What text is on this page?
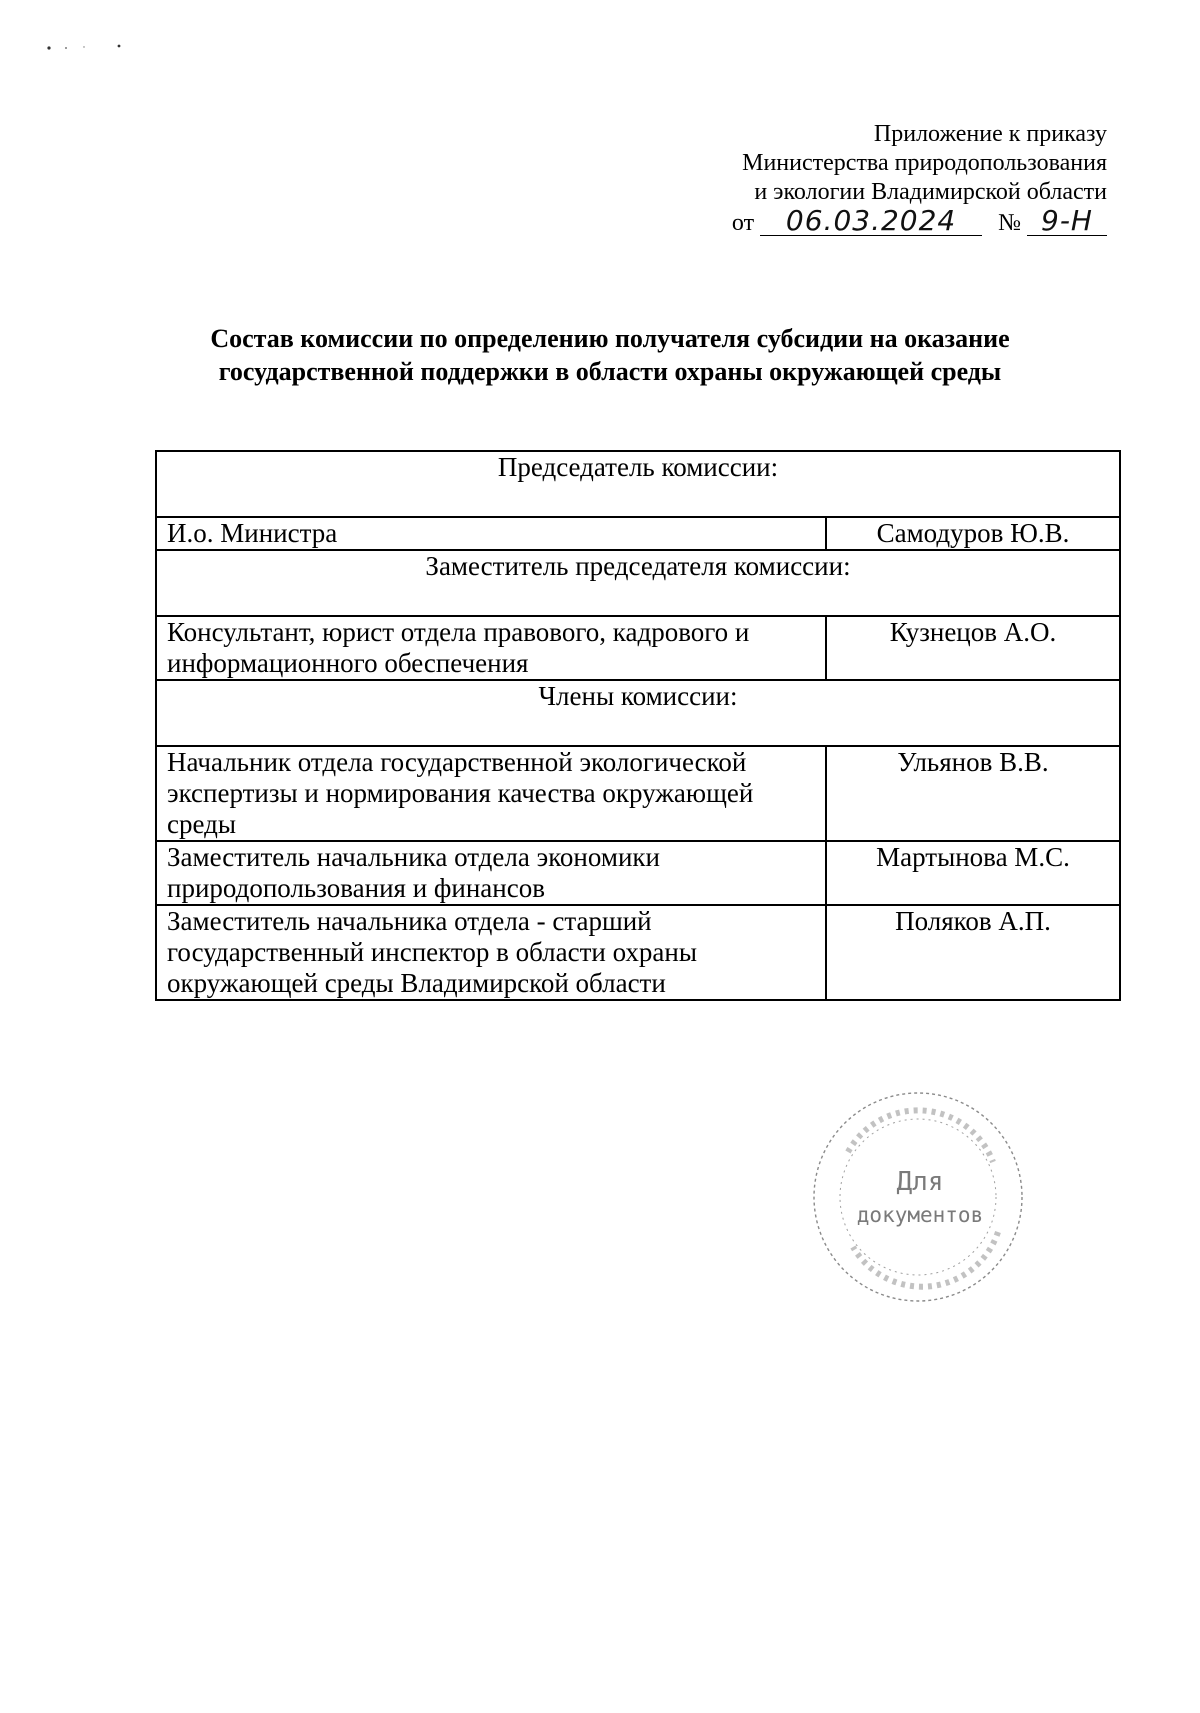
Приложение к приказу
Министерства природопользования
и экологии Владимирской области
от 06.03.2024 № 9-Н
Состав комиссии по определению получателя субсидии на оказание
государственной поддержки в области охраны окружающей среды
Председатель комиссии:	
И.о. Министра	Самодуров Ю.В.
Заместитель председателя комиссии:	
Консультант, юрист отдела правового, кадрового и информационного обеспечения	Кузнецов А.О.
Члены комиссии:	
Начальник отдела государственной экологической экспертизы и нормирования качества окружающей среды	Ульянов В.В.
Заместитель начальника отдела экономики природопользования и финансов	Мартынова М.С.
Заместитель начальника отдела - старший государственный инспектор в области охраны окружающей среды Владимирской области	Поляков А.П.
Для
документов
